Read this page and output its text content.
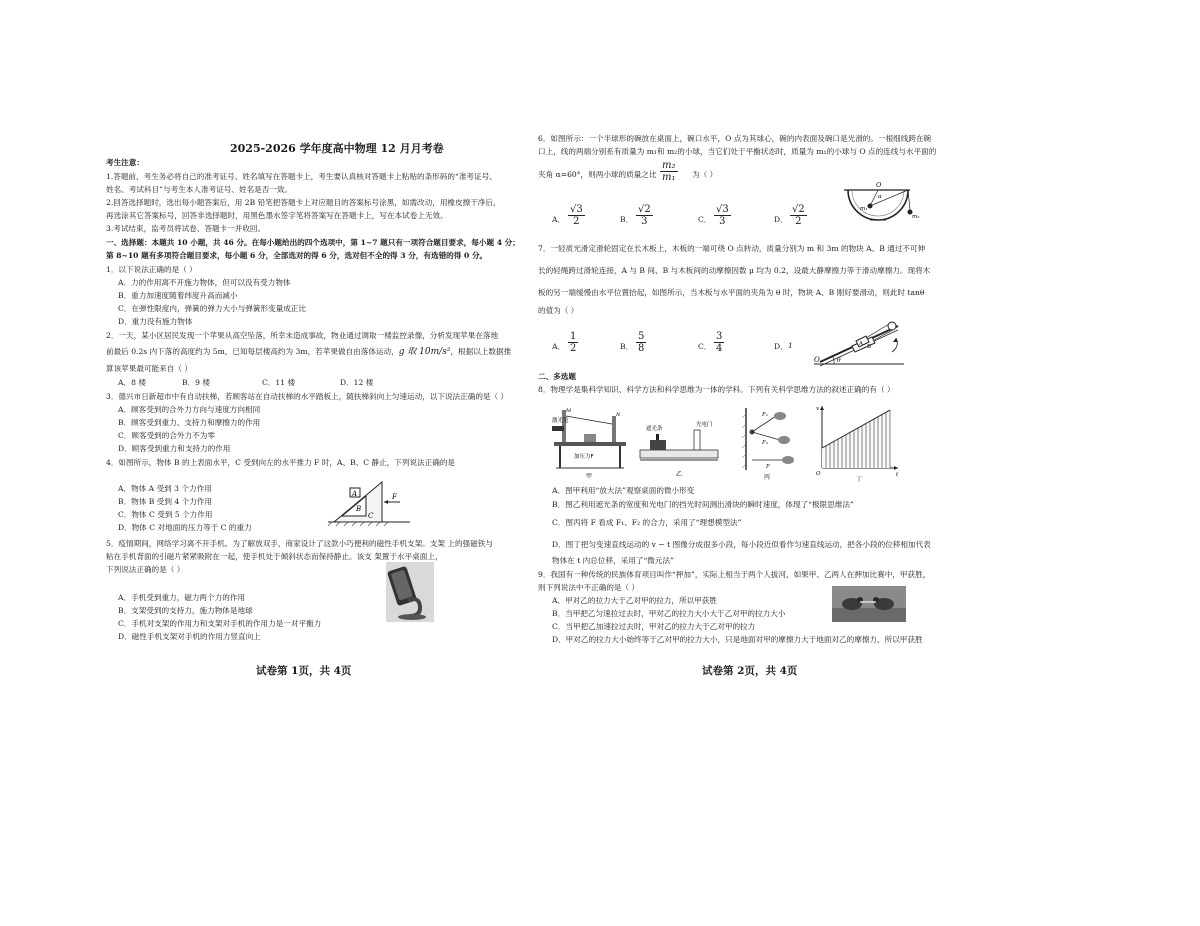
2025-2026 学年度高中物理 12 月月考卷
考生注意：
1.答题前，考生务必将自己的准考证号、姓名填写在答题卡上，考生要认真核对答题卡上粘贴的条形码的“准考证号、
姓名、考试科目”与考生本人准考证号、姓名是否一致。
2.回答选择题时，选出每小题答案后，用 2B 铅笔把答题卡上对应题目的答案标号涂黑，如需改动，用橡皮擦干净后，
再选涂其它答案标号，回答非选择题时，用黑色墨水签字笔将答案写在答题卡上，写在本试卷上无效。
3.考试结束，监考员将试卷、答题卡一并收回。
一、选择题：本题共 10 小题，共 46 分。在每小题给出的四个选项中，第 1~7 题只有一项符合题目要求，每小题 4 分；
第 8~10 题有多项符合题目要求，每小题 6 分，全部选对的得 6 分，选对但不全的得 3 分，有选错的得 0 分。
1．以下说法正确的是（ ）
A．力的作用离不开施力物体，但可以没有受力物体
B．重力加速度随着纬度升高而减小
C．在弹性限度内，弹簧的弹力大小与弹簧形变量成正比
D．重力没有施力物体
2．一天，某小区居民发现一个苹果从高空坠落，所幸未造成事故，物业通过调取一楼监控录像，分析发现苹果在落地
前最后 0.2s 内下落的高度约为 5m，已知每层楼高约为 3m，若苹果做自由落体运动，g 取 10m/s²，根据以上数据推
算该苹果最可能来自（ ）
A．8 楼	B．9 楼	C．11 楼	D．12 楼
3．德兴市日新超市中有自动扶梯，若顾客站在自动扶梯的水平踏板上，随扶梯斜向上匀速运动，以下说法正确的是（ ）
A．顾客受到的合外力方向与速度方向相同
B．顾客受到重力、支持力和摩擦力的作用
C．顾客受到的合外力不为零
D．顾客受到重力和支持力的作用
4．如图所示，物体 B 的上表面水平，C 受到向左的水平推力 F 时，A、B、C 静止，下列说法正确的是
A．物体 A 受到 3 个力作用
B．物体 B 受到 4 个力作用
C．物体 C 受到 5 个力作用
D．物体 C 对地面的压力等于 C 的重力
A
B
C
F
5．疫情期间，网络学习离不开手机。为了解放双手，商家设计了这款小巧便利的磁性手机支架。支架 上的强磁铁与
粘在手机背面的引磁片紧紧吸附在一起，使手机处于倾斜状态而保持静止。该支 架置于水平桌面上，
下列说法正确的是（ ）
A．手机受到重力，磁力两个力的作用
B．支架受到的支持力，施力物体是地球
C．手机对支架的作用力和支架对手机的作用力是一对平衡力
D．磁性手机支架对手机的作用力竖直向上
试卷第 1页，共 4页
6．如图所示：一个半球形的碗放在桌面上，碗口水平，O 点为其球心，碗的内表面及碗口是光滑的。一根细线跨在碗
口上，线的两端分别系有质量为 m₁和 m₂的小球，当它们处于平衡状态时，质量为 m₁的小球与 O 点的连线与水平面的
夹角 α=60°，则两小球的质量之比 $\frac{\text{m₂}}{\text{m₁}}$ 为（ ）
A． $\frac{√3}{2}$	B． $\frac{√2}{3}$	C． $\frac{√3}{3}$	D． $\frac{√2}{2}$
O
m₁
m₂
α
7．一轻质光滑定滑轮固定在长木板上，木板的一端可绕 O 点转动，质量分别为 m 和 3m 的物块 A、B 通过不可伸
长的轻绳跨过滑轮连接，A 与 B 间、B 与木板间的动摩擦因数 μ 均为 0.2，设最大静摩擦力等于滑动摩擦力。现将木
板的另一端缓慢由水平位置抬起，如图所示，当木板与水平面的夹角为 θ 时，物块 A、B 刚好要滑动，则此时 tanθ
的值为（ ）
A． $\frac{1}{2}$	B． $\frac{5}{8}$	C． $\frac{3}{4}$	D． 1	A B
O	θ
二、多选题
8．物理学是集科学知识、科学方法和科学思维为一体的学科。下列有关科学思维方法的叙述正确的有（ ）
激光笔
M
N
加压力F
甲
遮光条
光电门
乙
F₁
F₂
F
丙
v
t
O
丁
A．图甲利用“放大法”观察桌面的微小形变
B．图乙利用遮光条的宽度和光电门的挡光时间测出滑块的瞬时速度，体现了“极限思维法”
C．图丙将 F 看成 F₁、F₂ 的合力，采用了“理想模型法”
D．图丁把匀变速直线运动的 v − t 图像分成很多小段，每小段近似看作匀速直线运动，把各小段的位移相加代表
物体在 t 内总位移，采用了“微元法”
9．我国有一种传统的民族体育项目叫作“押加”，实际上相当于两个人拔河，如果甲、乙两人在押加比赛中，甲获胜，
则下列说法中不正确的是（ ）
A．甲对乙的拉力大于乙对甲的拉力，所以甲获胜
B．当甲把乙匀速拉过去时，甲对乙的拉力大小大于乙对甲的拉力大小
C．当甲把乙加速拉过去时，甲对乙的拉力大于乙对甲的拉力
D．甲对乙的拉力大小始终等于乙对甲的拉力大小，只是地面对甲的摩擦力大于地面对乙的摩擦力，所以甲获胜
试卷第 2页，共 4页
